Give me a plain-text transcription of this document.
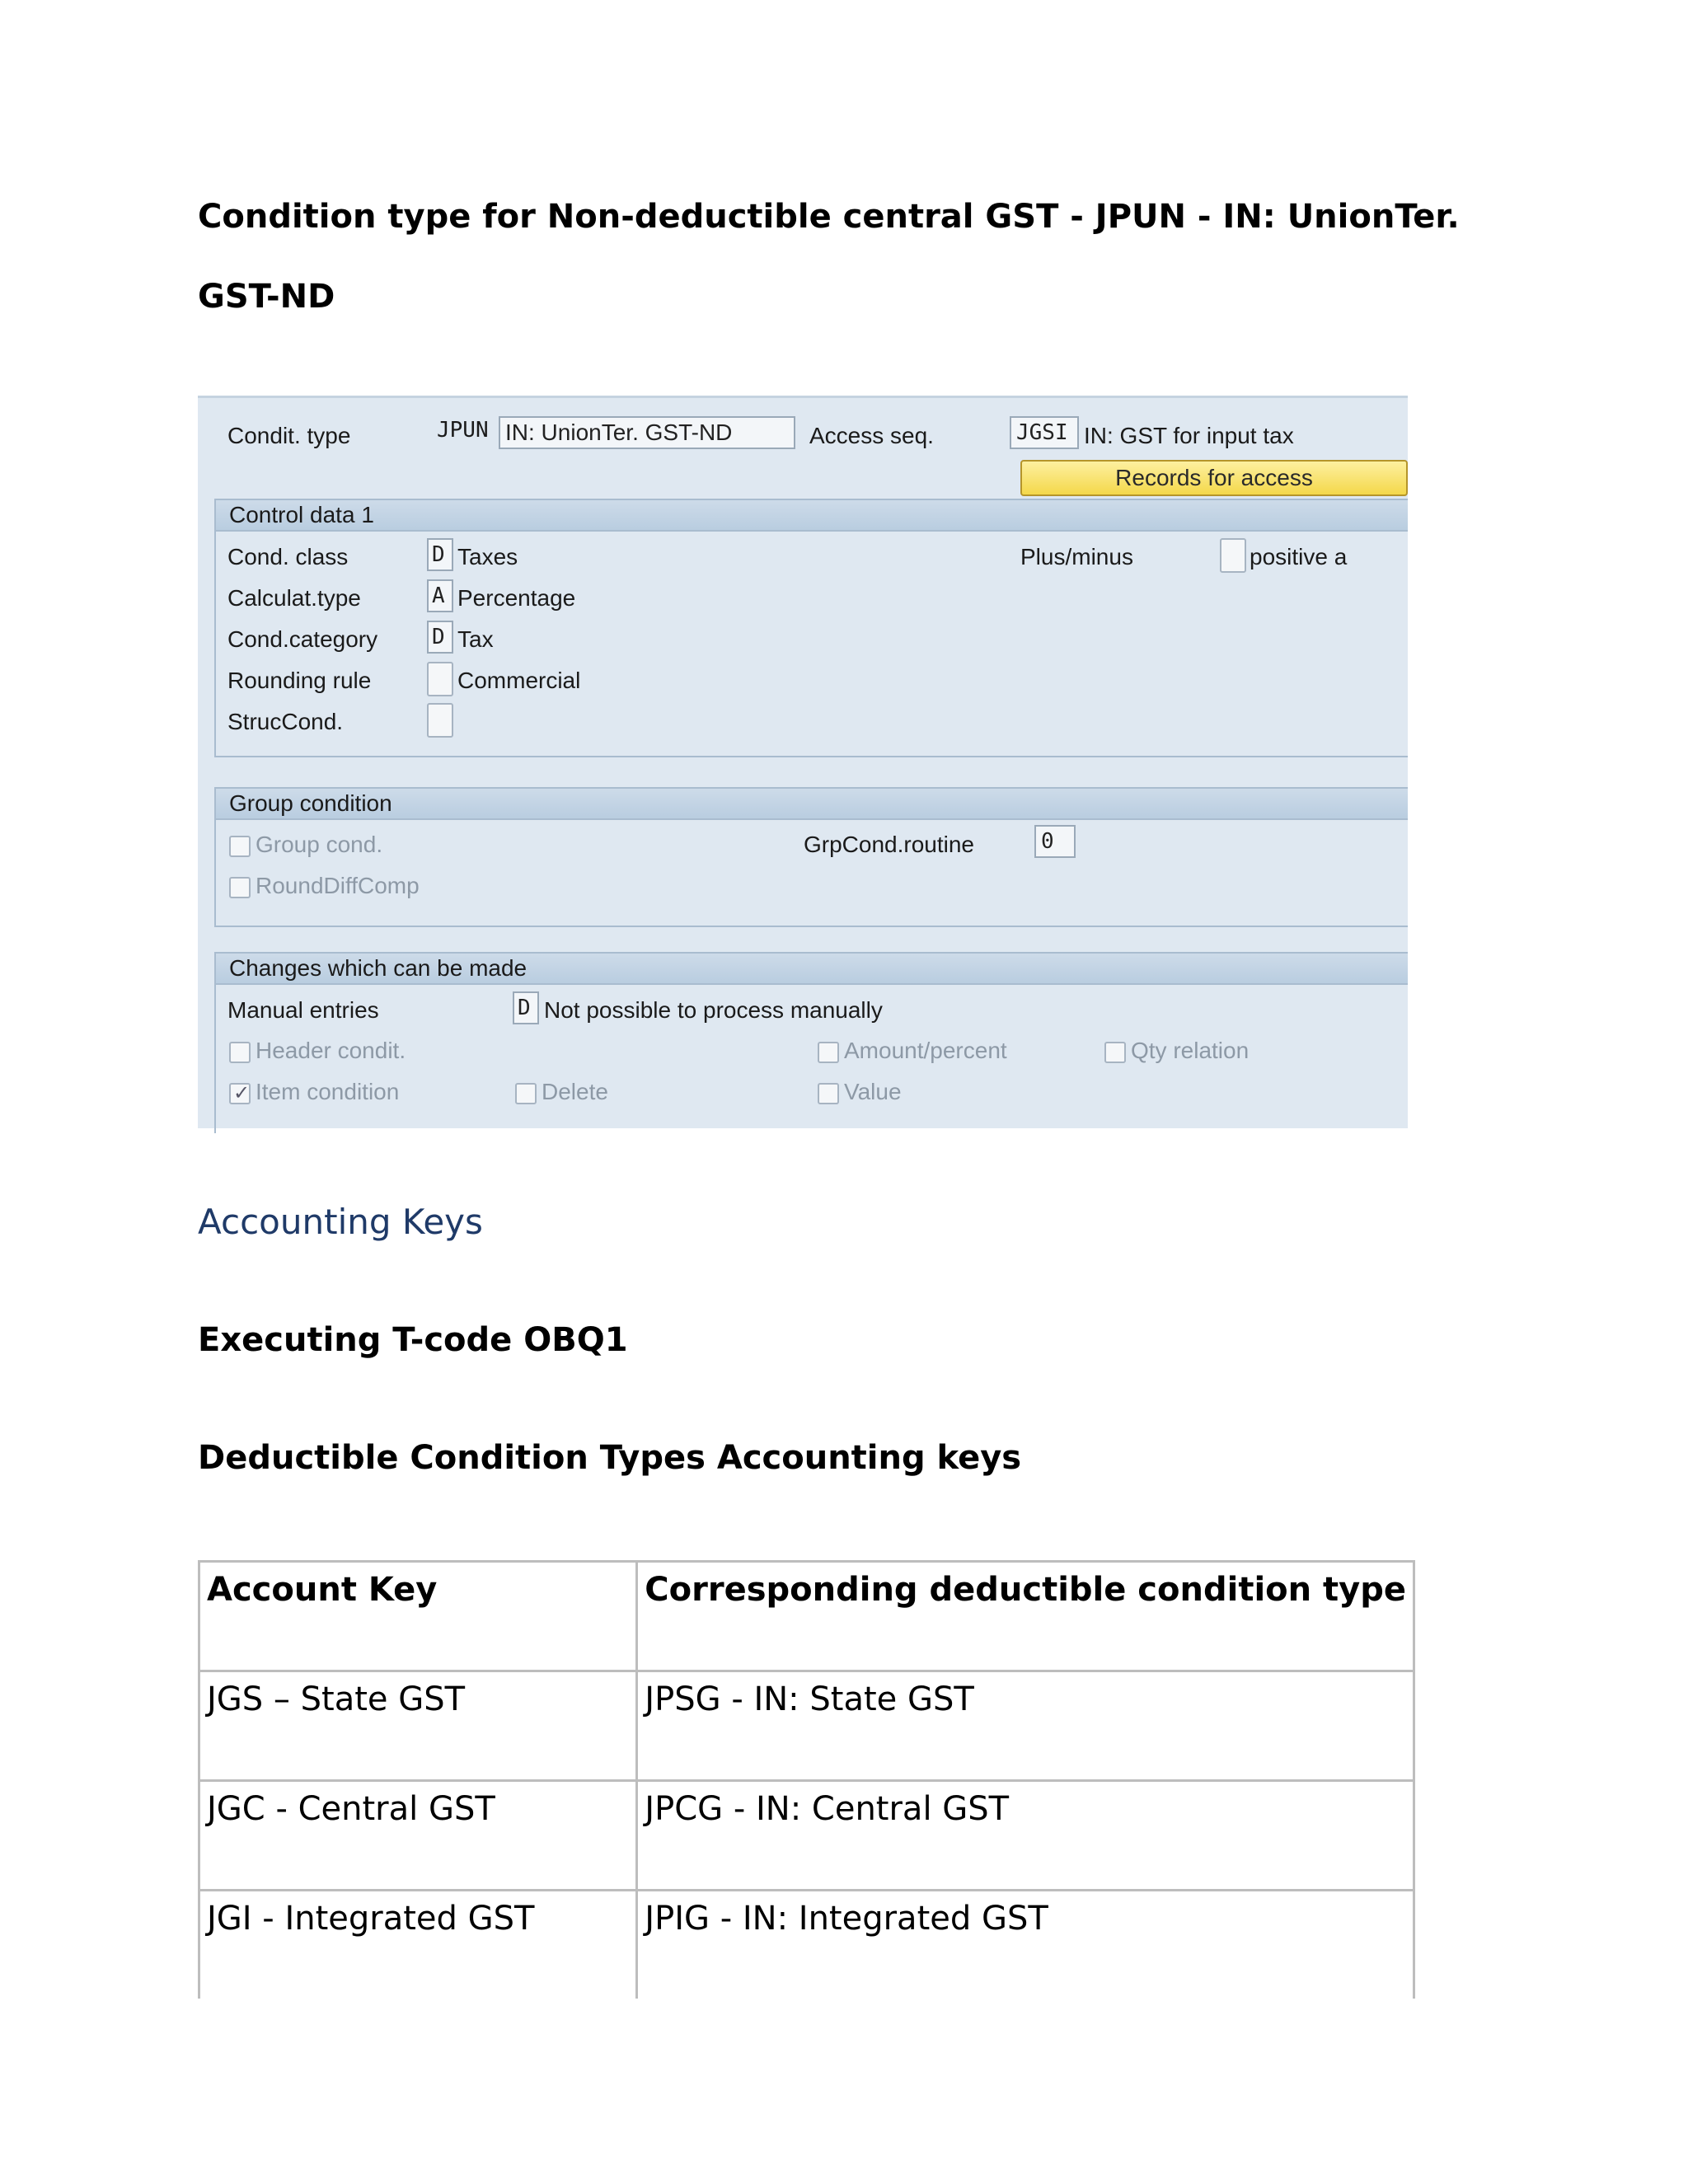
Condition type for Non-deductible central GST - JPUN - IN: UnionTer.
GST-ND
Condit. type	JPUN IN: UnionTer. GST-ND	Access seq.	JGSI IN: GST for input tax
Records for access
Control data 1
Cond. class	D Taxes
Calculat.type	A Percentage
Cond.category	D Tax
Rounding rule	Commercial
StrucCond.
Plus/minus	positive a
Group condition
Group cond.
RoundDiffComp
GrpCond.routine	0
Changes which can be made
Manual entries	D Not possible to process manually
Header condit.	Amount/percent	Qty relation
✓ Item condition	Delete	Value

Accounting Keys

Executing T-code OBQ1
Deductible Condition Types Accounting keys
Account Key	Corresponding deductible condition type
JGS – State GST	JPSG - IN: State GST
JGC - Central GST	JPCG - IN: Central GST
JGI - Integrated GST	JPIG - IN: Integrated GST
